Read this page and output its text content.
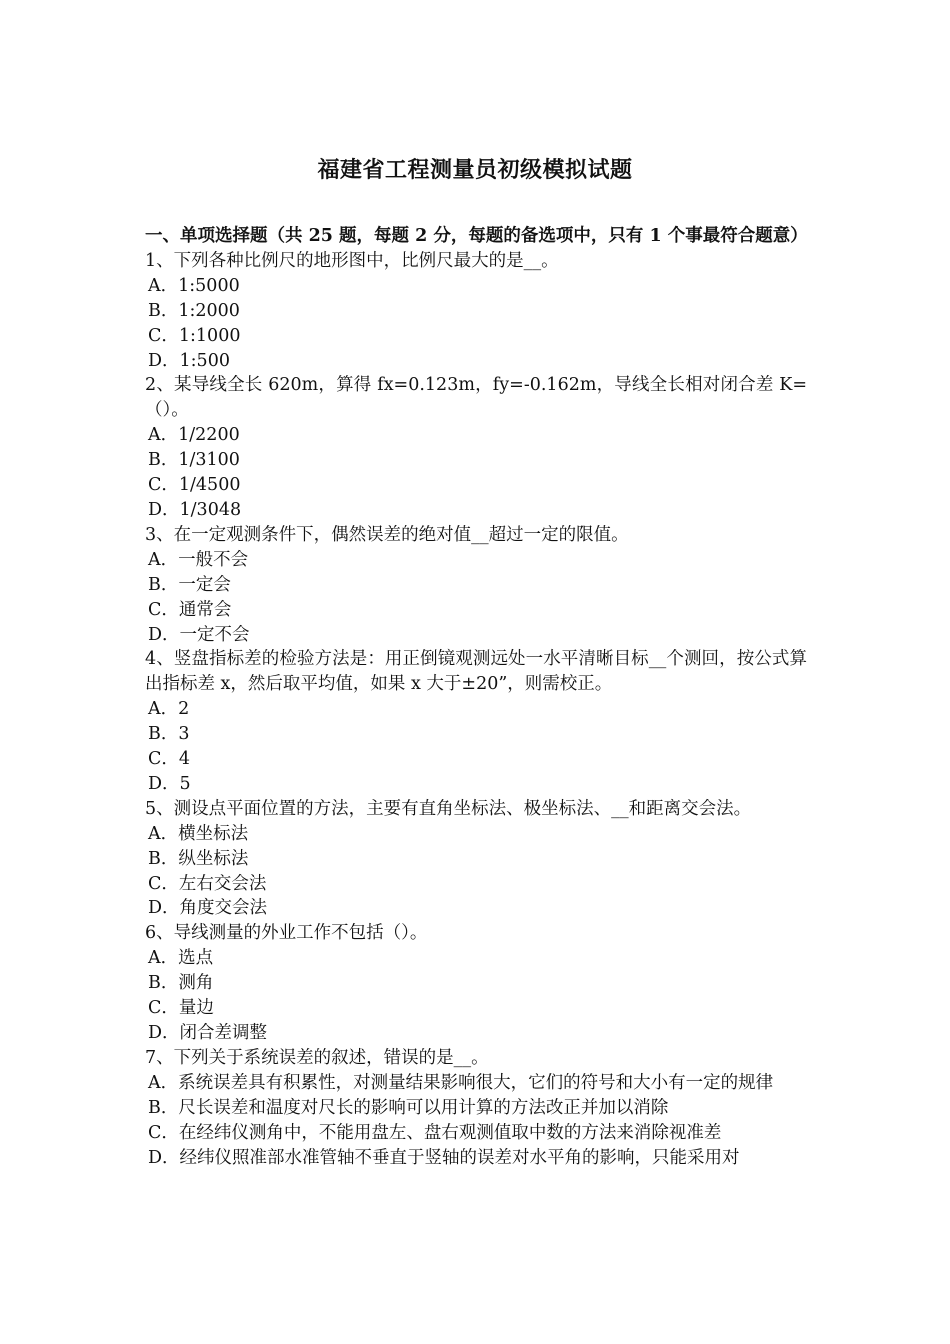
福建省工程测量员初级模拟试题

一、单项选择题（共 25 题，每题 2 分，每题的备选项中，只有 1 个事最符合题意）

1、下列各种比例尺的地形图中，比例尺最大的是__。

A．1:5000

B．1:2000

C．1:1000

D．1:500

2、某导线全长 620m，算得 fx=0.123m，fy=-0.162m，导线全长相对闭合差 K=（）。

A．1/2200

B．1/3100

C．1/4500

D．1/3048

3、在一定观测条件下，偶然误差的绝对值__超过一定的限值。

A．一般不会

B．一定会

C．通常会

D．一定不会

4、竖盘指标差的检验方法是：用正倒镜观测远处一水平清晰目标__个测回，按公式算出指标差 x，然后取平均值，如果 x 大于±20”，则需校正。

A．2

B．3

C．4

D．5

5、测设点平面位置的方法，主要有直角坐标法、极坐标法、__和距离交会法。

A．横坐标法

B．纵坐标法

C．左右交会法

D．角度交会法

6、导线测量的外业工作不包括（）。

A．选点

B．测角

C．量边

D．闭合差调整

7、下列关于系统误差的叙述，错误的是__。

A．系统误差具有积累性，对测量结果影响很大，它们的符号和大小有一定的规律

B．尺长误差和温度对尺长的影响可以用计算的方法改正并加以消除

C．在经纬仪测角中，不能用盘左、盘右观测值取中数的方法来消除视准差

D．经纬仪照准部水准管轴不垂直于竖轴的误差对水平角的影响，只能采用对
